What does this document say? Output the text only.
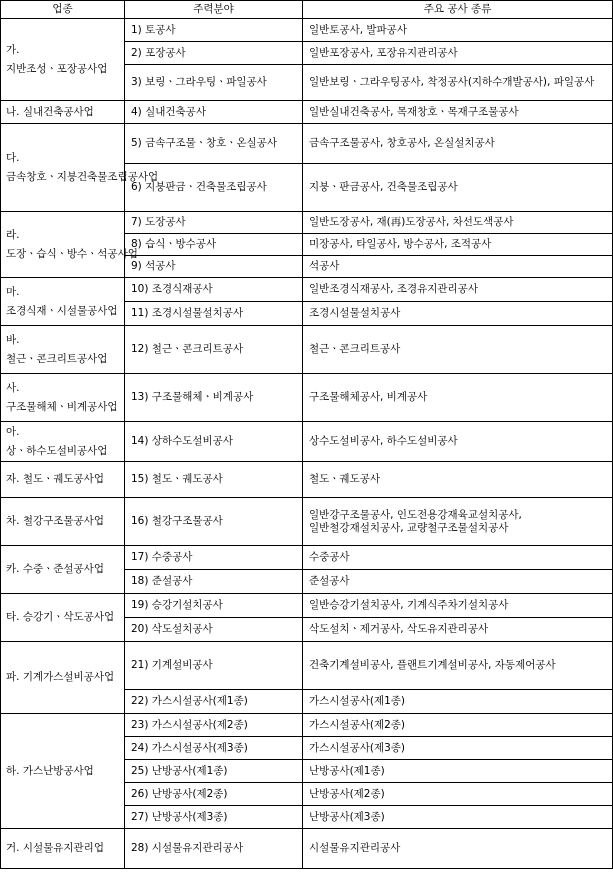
업종	주력분야	주요 공사 종류
가. 지반조성ㆍ포장공사업	1) 토공사	일반토공사, 발파공사
	2) 포장공사	일반포장공사, 포장유지관리공사
	3) 보링ㆍ그라우팅ㆍ파일공사	일반보링ㆍ그라우팅공사, 착정공사(지하수개발공사), 파일공사
나. 실내건축공사업	4) 실내건축공사	일반실내건축공사, 목재창호ㆍ목재구조물공사
다. 금속창호ㆍ지붕건축물조립공사업	5) 금속구조물ㆍ창호ㆍ온실공사	금속구조물공사, 창호공사, 온실설치공사
	6) 지붕판금ㆍ건축물조립공사	지붕ㆍ판금공사, 건축물조립공사
라. 도장ㆍ습식ㆍ방수ㆍ석공사업	7) 도장공사	일반도장공사, 재(再)도장공사, 차선도색공사
	8) 습식ㆍ방수공사	미장공사, 타일공사, 방수공사, 조적공사
	9) 석공사	석공사
마. 조경식재ㆍ시설물공사업	10) 조경식재공사	일반조경식재공사, 조경유지관리공사
	11) 조경시설물설치공사	조경시설물설치공사
바. 철근ㆍ콘크리트공사업	12) 철근ㆍ콘크리트공사	철근ㆍ콘크리트공사
사. 구조물해체ㆍ비계공사업	13) 구조물해체ㆍ비계공사	구조물해체공사, 비계공사
아. 상ㆍ하수도설비공사업	14) 상하수도설비공사	상수도설비공사, 하수도설비공사
자. 철도ㆍ궤도공사업	15) 철도ㆍ궤도공사	철도ㆍ궤도공사
차. 철강구조물공사업	16) 철강구조물공사	일반강구조물공사, 인도전용강재육교설치공사, 일반철강재설치공사, 교량철구조물설치공사
카. 수중ㆍ준설공사업	17) 수중공사	수중공사
	18) 준설공사	준설공사
타. 승강기ㆍ삭도공사업	19) 승강기설치공사	일반승강기설치공사, 기계식주차기설치공사
	20) 삭도설치공사	삭도설치ㆍ제거공사, 삭도유지관리공사
파. 기계가스설비공사업	21) 기계설비공사	건축기계설비공사, 플랜트기계설비공사, 자동제어공사
	22) 가스시설공사(제1종)	가스시설공사(제1종)
하. 가스난방공사업	23) 가스시설공사(제2종)	가스시설공사(제2종)
	24) 가스시설공사(제3종)	가스시설공사(제3종)
	25) 난방공사(제1종)	난방공사(제1종)
	26) 난방공사(제2종)	난방공사(제2종)
	27) 난방공사(제3종)	난방공사(제3종)
거. 시설물유지관리업	28) 시설물유지관리공사	시설물유지관리공사
